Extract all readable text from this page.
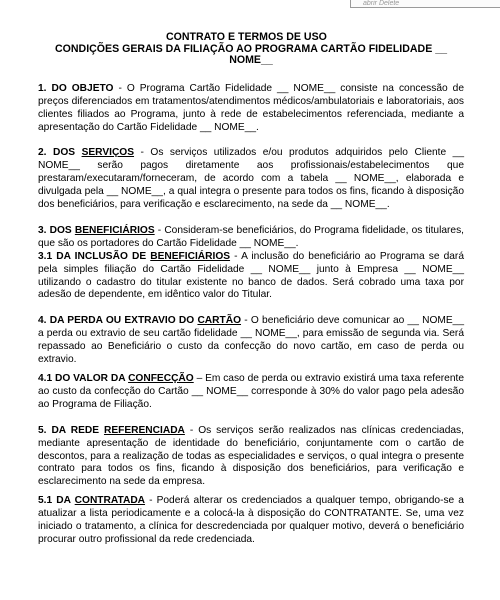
abrir Delete

CONTRATO E TERMOS DE USO

CONDIÇÕES GERAIS DA FILIAÇÃO AO PROGRAMA CARTÃO FIDELIDADE __ NOME__

1. DO OBJETO - O Programa Cartão Fidelidade __ NOME__ consiste na concessão de preços diferenciados em tratamentos/atendimentos médicos/ambulatoriais e laboratoriais, aos clientes filiados ao Programa, junto à rede de estabelecimentos referenciada, mediante a apresentação do Cartão Fidelidade __ NOME__.

2. DOS SERVIÇOS - Os serviços utilizados e/ou produtos adquiridos pelo Cliente __ NOME__ serão pagos diretamente aos profissionais/estabelecimentos que prestaram/executaram/forneceram, de acordo com a tabela __ NOME__, elaborada e divulgada pela __ NOME__, a qual integra o presente para todos os fins, ficando à disposição dos beneficiários, para verificação e esclarecimento, na sede da __ NOME__.

3. DOS BENEFICIÁRIOS - Consideram-se beneficiários, do Programa fidelidade, os titulares, que são os portadores do Cartão Fidelidade __ NOME__.

3.1 DA INCLUSÃO DE BENEFICIÁRIOS - A inclusão do beneficiário ao Programa se dará pela simples filiação do Cartão Fidelidade __ NOME__ junto à Empresa __ NOME__ utilizando o cadastro do titular existente no banco de dados. Será cobrado uma taxa por adesão de dependente, em idêntico valor do Titular.

4. DA PERDA OU EXTRAVIO DO CARTÃO - O beneficiário deve comunicar ao __ NOME__ a perda ou extravio de seu cartão fidelidade __ NOME__, para emissão de segunda via. Será repassado ao Beneficiário o custo da confecção do novo cartão, em caso de perda ou extravio.

4.1 DO VALOR DA CONFECÇÃO – Em caso de perda ou extravio existirá uma taxa referente ao custo da confecção do Cartão __ NOME__ corresponde à 30% do valor pago pela adesão ao Programa de Filiação.

5. DA REDE REFERENCIADA - Os serviços serão realizados nas clínicas credenciadas, mediante apresentação de identidade do beneficiário, conjuntamente com o cartão de descontos, para a realização de todas as especialidades e serviços, o qual integra o presente contrato para todos os fins, ficando à disposição dos beneficiários, para verificação e esclarecimento na sede da empresa.

5.1 DA CONTRATADA - Poderá alterar os credenciados a qualquer tempo, obrigando-se a atualizar a lista periodicamente e a colocá-la à disposição do CONTRATANTE. Se, uma vez iniciado o tratamento, a clínica for descredenciada por qualquer motivo, deverá o beneficiário procurar outro profissional da rede credenciada.
